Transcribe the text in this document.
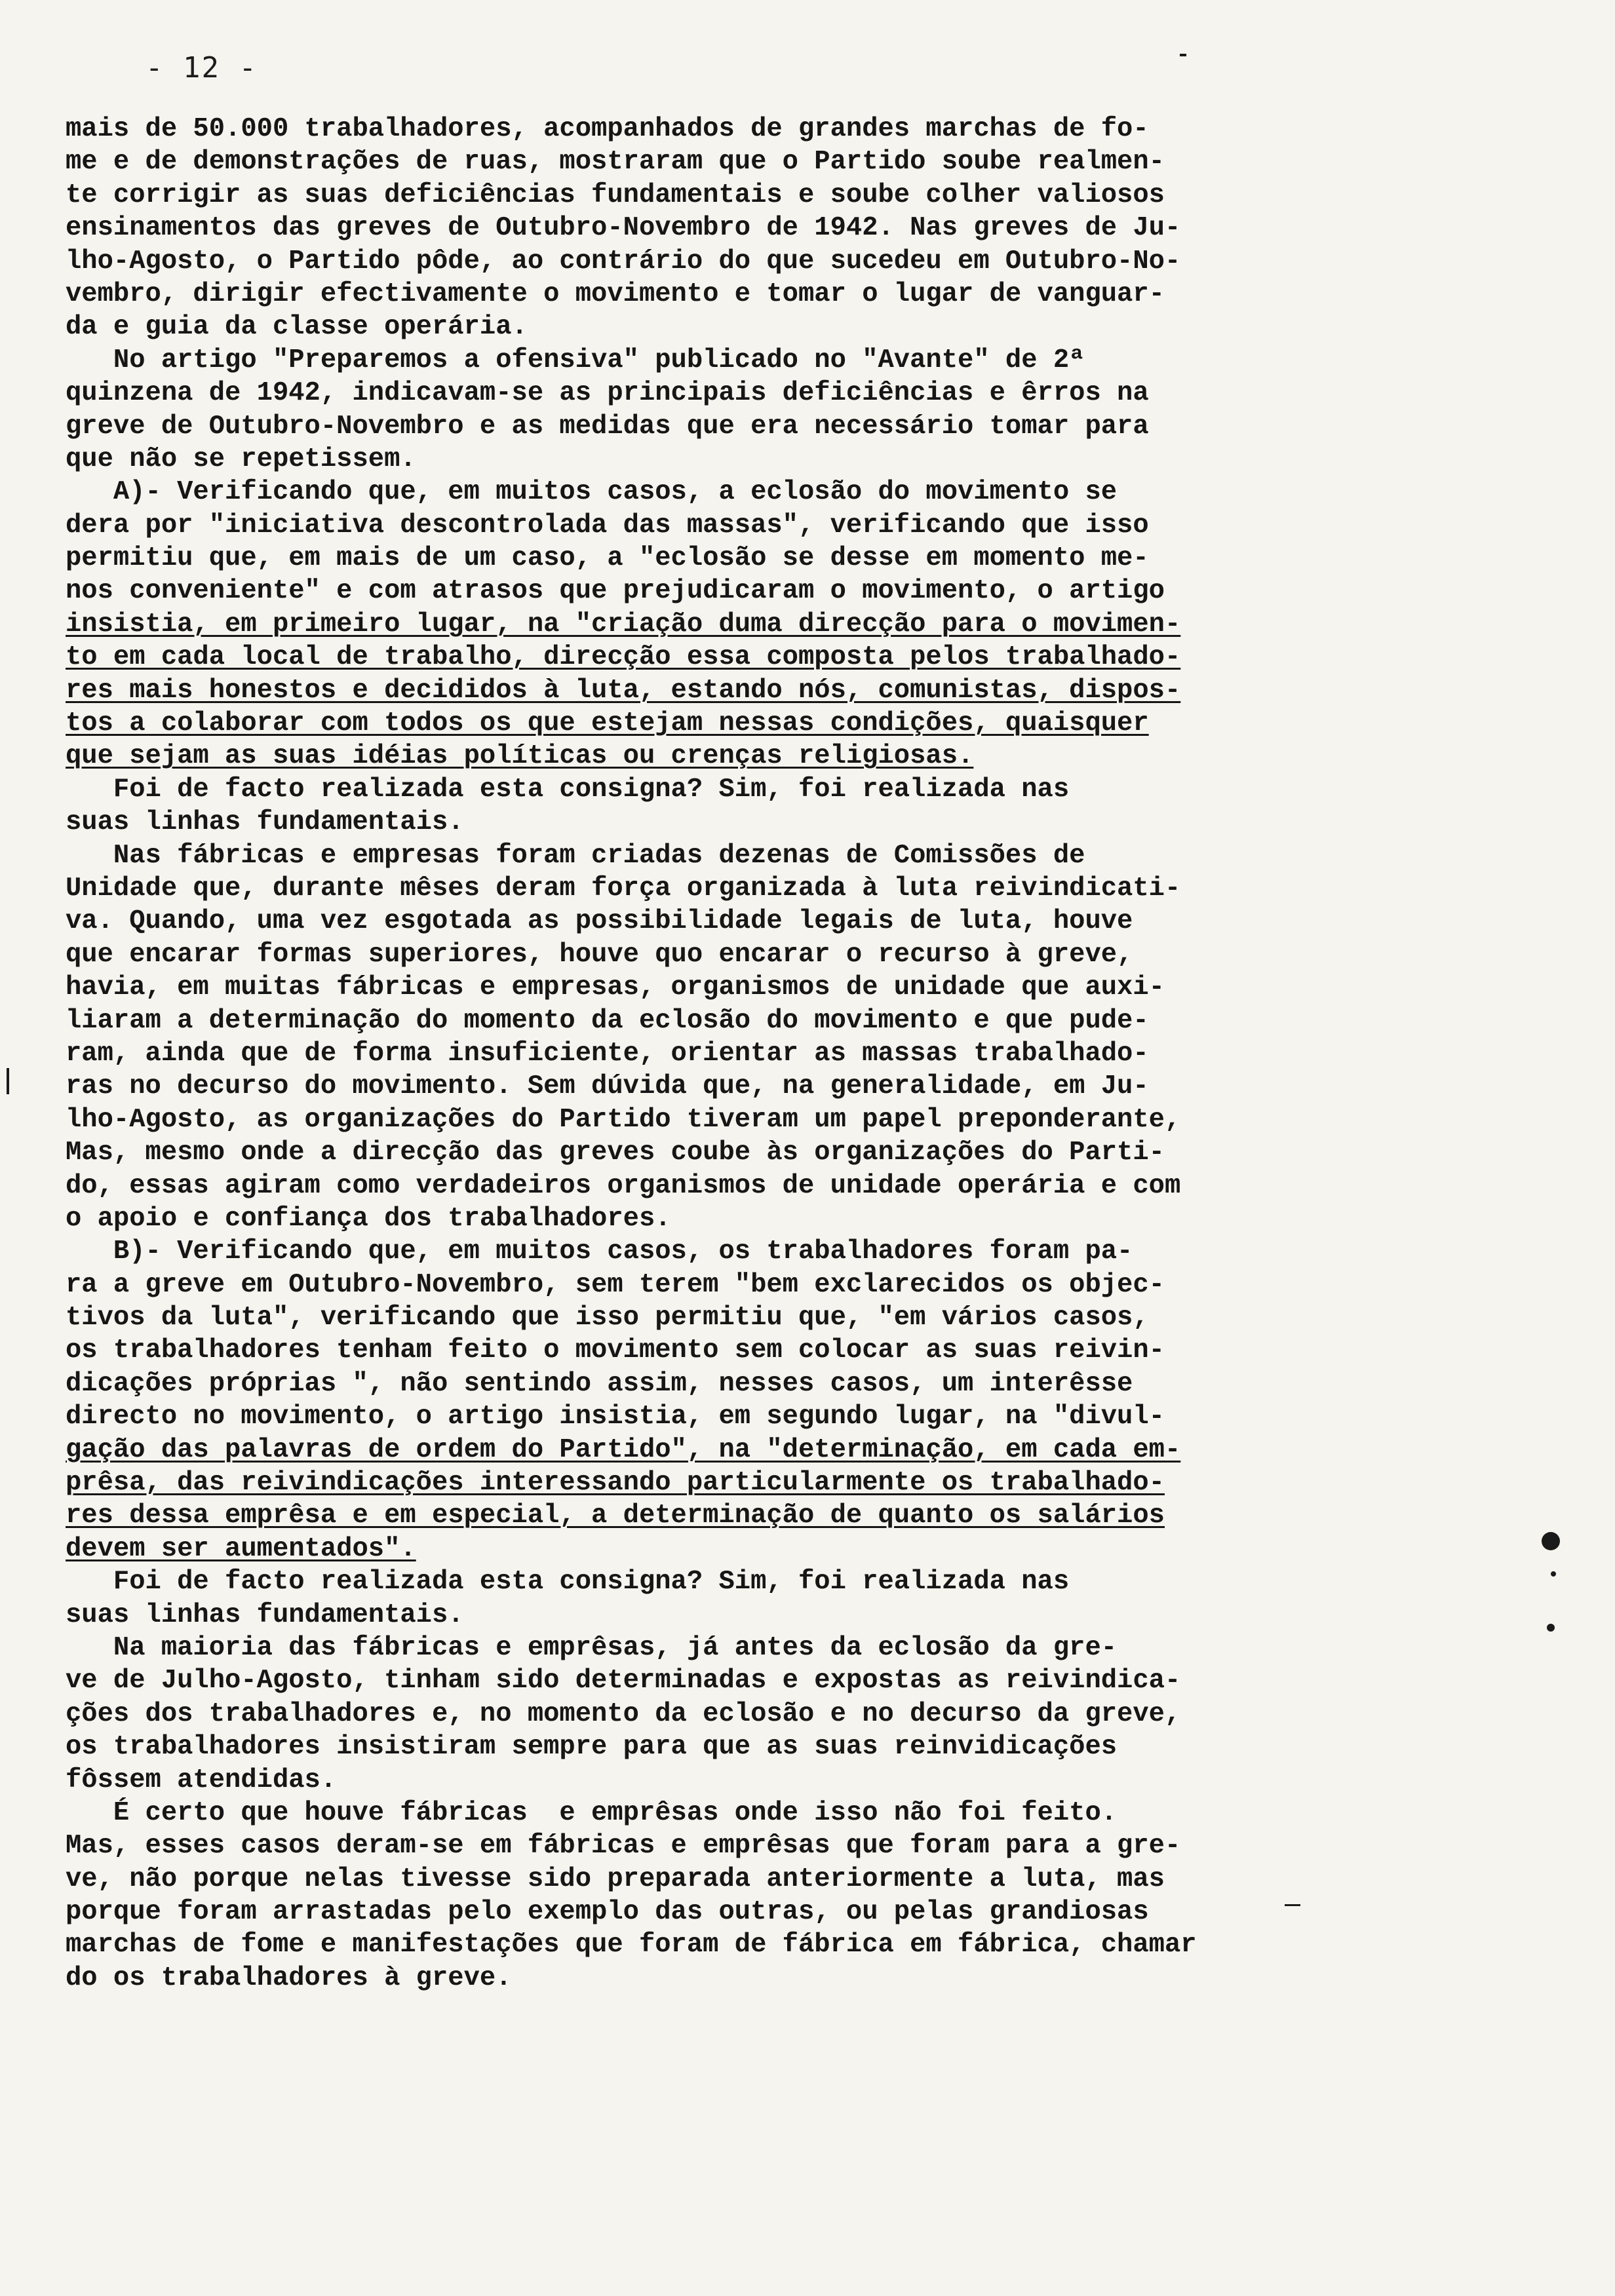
- 12 -
mais de 50.000 trabalhadores, acompanhados de grandes marchas de fo-
me e de demonstrações de ruas, mostraram que o Partido soube realmen-
te corrigir as suas deficiências fundamentais e soube colher valiosos
ensinamentos das greves de Outubro-Novembro de 1942. Nas greves de Ju-
lho-Agosto, o Partido pôde, ao contrário do que sucedeu em Outubro-No-
vembro, dirigir efectivamente o movimento e tomar o lugar de vanguar-
da e guia da classe operária.
No artigo "Preparemos a ofensiva" publicado no "Avante" de 2ª
quinzena de 1942, indicavam-se as principais deficiências e êrros na
greve de Outubro-Novembro e as medidas que era necessário tomar para
que não se repetissem.
A)- Verificando que, em muitos casos, a eclosão do movimento se
dera por "iniciativa descontrolada das massas", verificando que isso
permitiu que, em mais de um caso, a "eclosão se desse em momento me-
nos conveniente" e com atrasos que prejudicaram o movimento, o artigo
insistia, em primeiro lugar, na "criação duma direcção para o movimen-
to em cada local de trabalho, direcção essa composta pelos trabalhado-
res mais honestos e decididos à luta, estando nós, comunistas, dispos-
tos a colaborar com todos os que estejam nessas condições, quaisquer
que sejam as suas idéias políticas ou crenças religiosas.
Foi de facto realizada esta consigna? Sim, foi realizada nas
suas linhas fundamentais.
Nas fábricas e empresas foram criadas dezenas de Comissões de
Unidade que, durante mêses deram força organizada à luta reivindicati-
va. Quando, uma vez esgotada as possibilidade legais de luta, houve
que encarar formas superiores, houve quo encarar o recurso à greve,
havia, em muitas fábricas e empresas, organismos de unidade que auxi-
liaram a determinação do momento da eclosão do movimento e que pude-
ram, ainda que de forma insuficiente, orientar as massas trabalhado-
ras no decurso do movimento. Sem dúvida que, na generalidade, em Ju-
lho-Agosto, as organizações do Partido tiveram um papel preponderante,
Mas, mesmo onde a direcção das greves coube às organizações do Parti-
do, essas agiram como verdadeiros organismos de unidade operária e com
o apoio e confiança dos trabalhadores.
B)- Verificando que, em muitos casos, os trabalhadores foram pa-
ra a greve em Outubro-Novembro, sem terem "bem exclarecidos os objec-
tivos da luta", verificando que isso permitiu que, "em vários casos,
os trabalhadores tenham feito o movimento sem colocar as suas reivin-
dicações próprias ", não sentindo assim, nesses casos, um interêsse
directo no movimento, o artigo insistia, em segundo lugar, na "divul-
gação das palavras de ordem do Partido", na "determinação, em cada em-
prêsa, das reivindicações interessando particularmente os trabalhado-
res dessa emprêsa e em especial, a determinação de quanto os salários
devem ser aumentados".
Foi de facto realizada esta consigna? Sim, foi realizada nas
suas linhas fundamentais.
Na maioria das fábricas e emprêsas, já antes da eclosão da gre-
ve de Julho-Agosto, tinham sido determinadas e expostas as reivindica-
ções dos trabalhadores e, no momento da eclosão e no decurso da greve,
os trabalhadores insistiram sempre para que as suas reinvidicações
fôssem atendidas.
É certo que houve fábricas  e emprêsas onde isso não foi feito.
Mas, esses casos deram-se em fábricas e emprêsas que foram para a gre-
ve, não porque nelas tivesse sido preparada anteriormente a luta, mas
porque foram arrastadas pelo exemplo das outras, ou pelas grandiosas
marchas de fome e manifestações que foram de fábrica em fábrica, chamar
do os trabalhadores à greve.
